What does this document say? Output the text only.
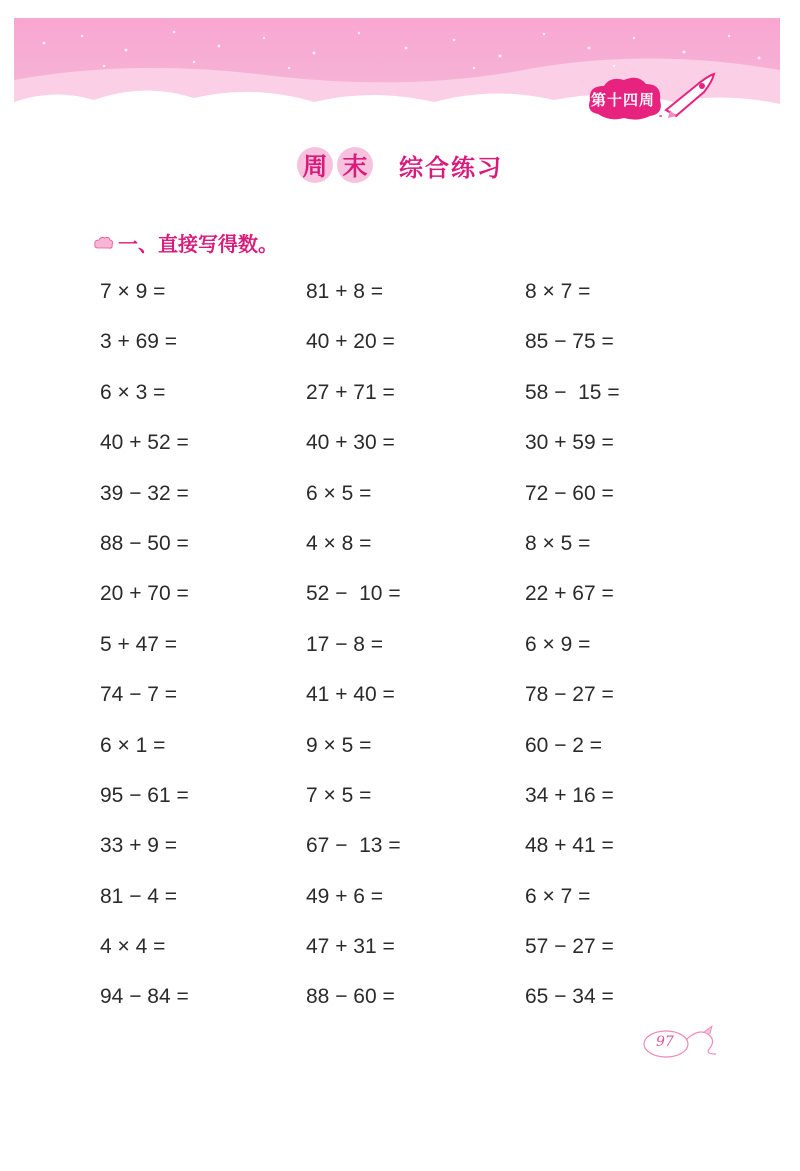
第十四周
周 末 综合练习
一、直接写得数。
7 × 9 =	81 + 8 =	8 × 7 =
3 + 69 =	40 + 20 =	85 − 75 =
6 × 3 =	27 + 71 =	58 −  15 =
40 + 52 =	40 + 30 =	30 + 59 =
39 − 32 =	6 × 5 =	72 − 60 =
88 − 50 =	4 × 8 =	8 × 5 =
20 + 70 =	52 −  10 =	22 + 67 =
5 + 47 =	17 − 8 =	6 × 9 =
74 − 7 =	41 + 40 =	78 − 27 =
6 × 1 =	9 × 5 =	60 − 2 =
95 − 61 =	7 × 5 =	34 + 16 =
33 + 9 =	67 −  13 =	48 + 41 =
81 − 4 =	49 + 6 =	6 × 7 =
4 × 4 =	47 + 31 =	57 − 27 =
94 − 84 =	88 − 60 =	65 − 34 =
97
